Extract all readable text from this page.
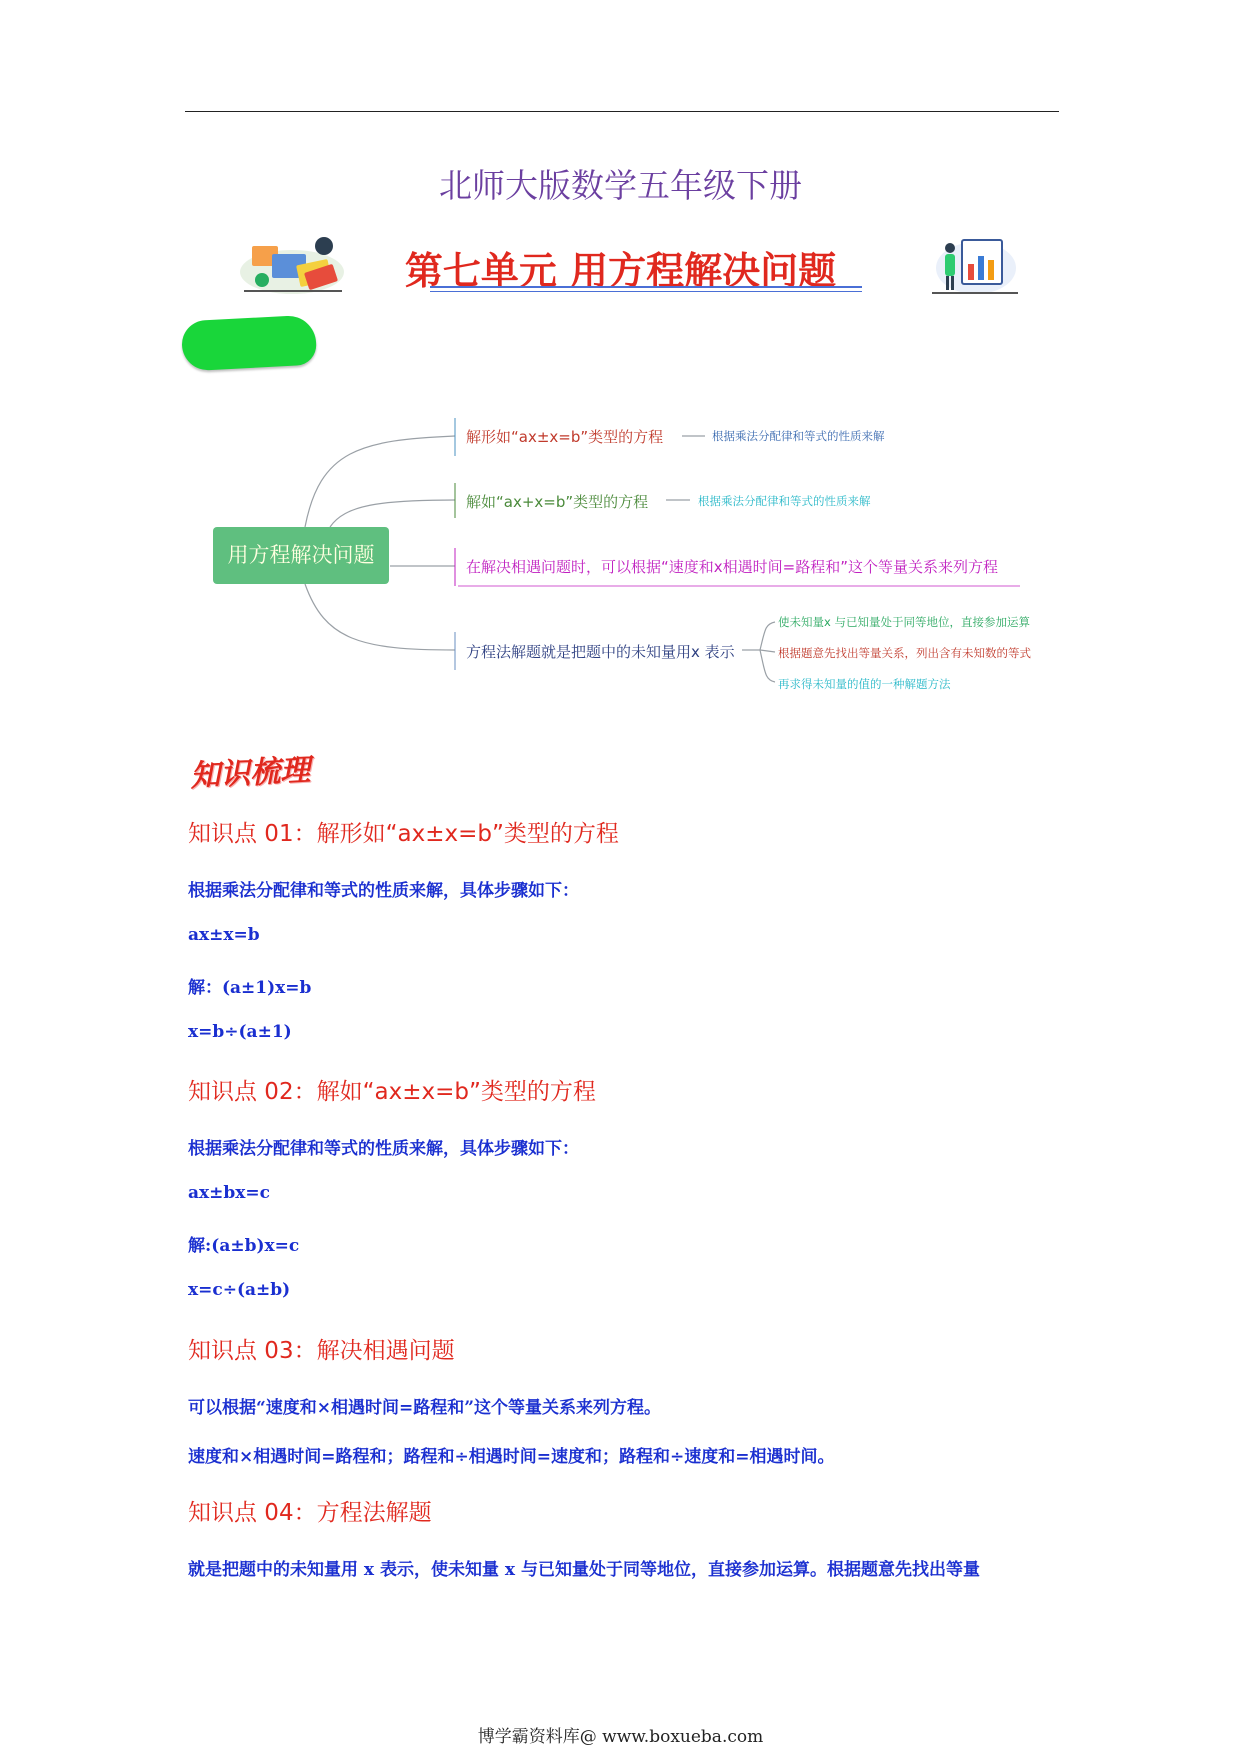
北师大版数学五年级下册
第七单元 用方程解决问题
用方程解决问题
解形如“ax±x=b”类型的方程	根据乘法分配律和等式的性质来解
解如“ax+x=b”类型的方程	根据乘法分配律和等式的性质来解
在解决相遇问题时，可以根据“速度和x相遇时间=路程和”这个等量关系来列方程
方程法解题就是把题中的未知量用x 表示
使未知量x 与已知量处于同等地位，直接参加运算
根据题意先找出等量关系，列出含有未知数的等式
再求得未知量的值的一种解题方法
知识梳理
知识点 01：解形如“ax±x=b”类型的方程
根据乘法分配律和等式的性质来解，具体步骤如下：
ax±x=b
解：(a±1)x=b
x=b÷(a±1)
知识点 02：解如“ax±x=b”类型的方程
根据乘法分配律和等式的性质来解，具体步骤如下：
ax±bx=c
解:(a±b)x=c
x=c÷(a±b)
知识点 03：解决相遇问题
可以根据“速度和×相遇时间=路程和”这个等量关系来列方程。
速度和×相遇时间=路程和；路程和÷相遇时间=速度和；路程和÷速度和=相遇时间。
知识点 04：方程法解题
就是把题中的未知量用 x 表示，使未知量 x 与已知量处于同等地位，直接参加运算。根据题意先找出等量
博学霸资料库@ www.boxueba.com
